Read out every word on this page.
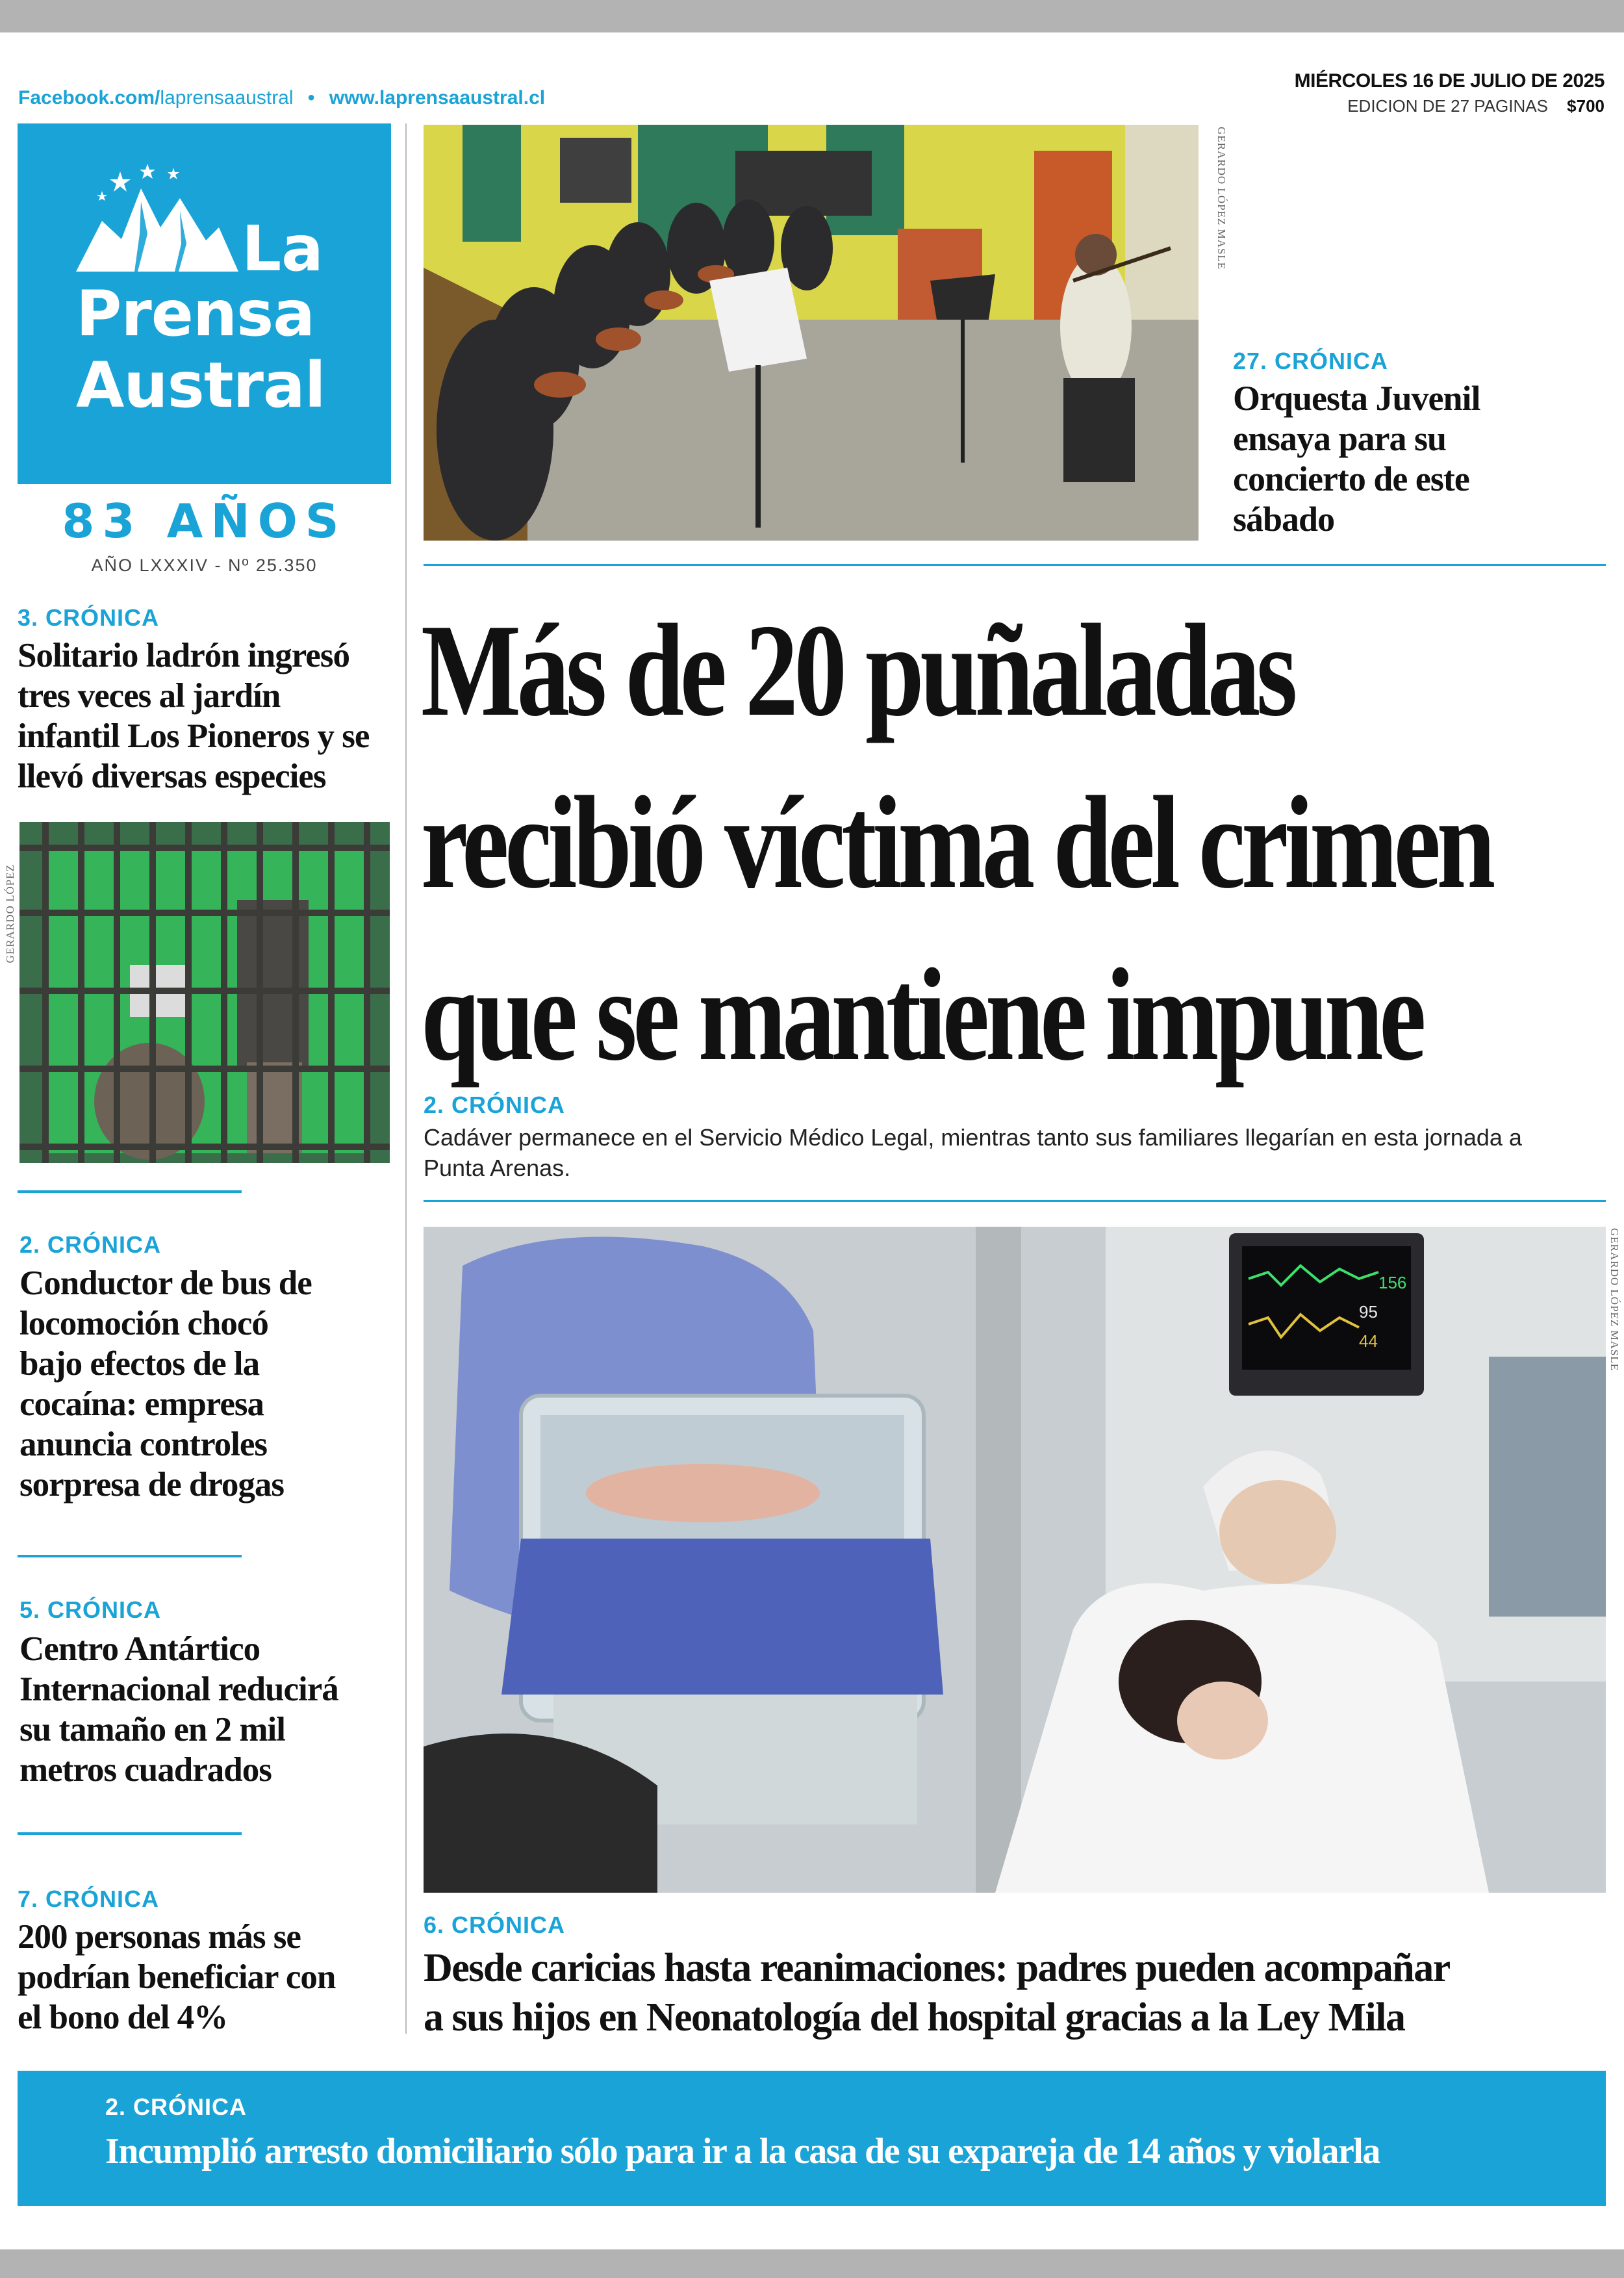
Facebook.com/laprensaaustral • www.laprensaaustral.cl
MIÉRCOLES 16 DE JULIO DE 2025
EDICION DE 27 PAGINAS $700
La
Prensa
Austral
83 AÑOS
AÑO LXXXIV - Nº 25.350
3. CRÓNICA
Solitario ladrón ingresó tres veces al jardín infantil Los Pioneros y se llevó diversas especies
GERARDO LÓPEZ
2. CRÓNICA
Conductor de bus de locomoción chocó bajo efectos de la cocaína: empresa anuncia controles sorpresa de drogas
5. CRÓNICA
Centro Antártico Internacional reducirá su tamaño en 2 mil metros cuadrados
7. CRÓNICA
200 personas más se podrían beneficiar con el bono del 4%
GERARDO LÓPEZ MASLE
27. CRÓNICA
Orquesta Juvenil ensaya para su concierto de este sábado
Más de 20 puñaladas
recibió víctima del crimen
que se mantiene impune
2. CRÓNICA
Cadáver permanece en el Servicio Médico Legal, mientras tanto sus familiares llegarían en esta jornada a Punta Arenas.
156
95
44	GERARDO LÓPEZ MASLE
6. CRÓNICA
Desde caricias hasta reanimaciones: padres pueden acompañar
a sus hijos en Neonatología del hospital gracias a la Ley Mila
2. CRÓNICA
Incumplió arresto domiciliario sólo para ir a la casa de su expareja de 14 años y violarla
